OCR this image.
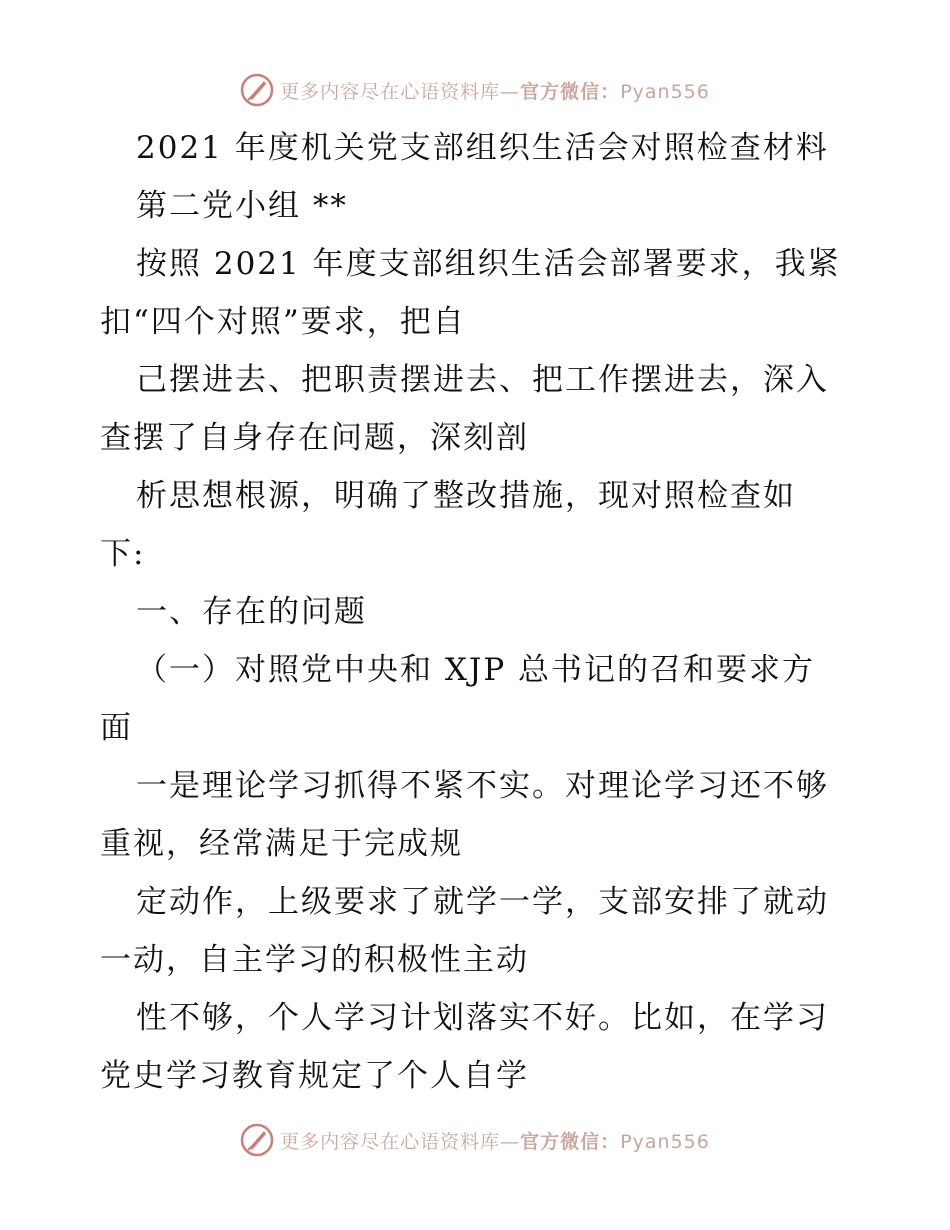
更多内容尽在心语资料库—官方微信：Pyan556
2021 年度机关党支部组织生活会对照检查材料
第二党小组 **
按照 2021 年度支部组织生活会部署要求，我紧
扣“四个对照”要求，把自
己摆进去、把职责摆进去、把工作摆进去，深入
查摆了自身存在问题，深刻剖
析思想根源，明确了整改措施，现对照检查如
下:
一、存在的问题
（一）对照党中央和 XJP 总书记的召和要求方
面
一是理论学习抓得不紧不实。对理论学习还不够
重视，经常满足于完成规
定动作，上级要求了就学一学，支部安排了就动
一动，自主学习的积极性主动
性不够，个人学习计划落实不好。比如，在学习
党史学习教育规定了个人自学
更多内容尽在心语资料库—官方微信：Pyan556
